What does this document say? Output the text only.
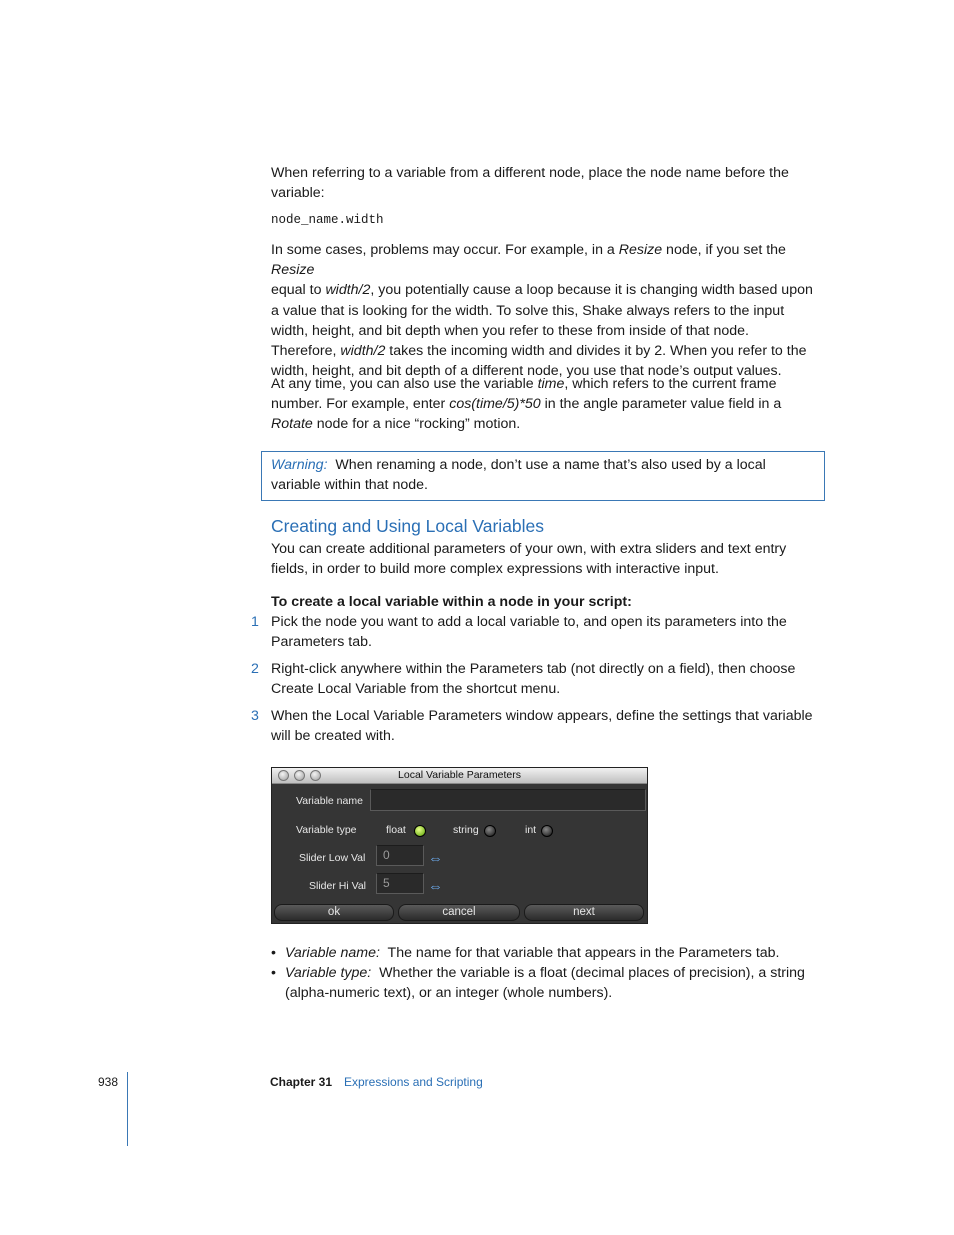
When referring to a variable from a different node, place the node name before the
variable:

node_name.width

In some cases, problems may occur. For example, in a Resize node, if you set the Resize
equal to width/2, you potentially cause a loop because it is changing width based upon
a value that is looking for the width. To solve this, Shake always refers to the input
width, height, and bit depth when you refer to these from inside of that node.
Therefore, width/2 takes the incoming width and divides it by 2. When you refer to the
width, height, and bit depth of a different node, you use that node’s output values.

At any time, you can also use the variable time, which refers to the current frame
number. For example, enter cos(time/5)*50 in the angle parameter value field in a
Rotate node for a nice “rocking” motion.

Warning: When renaming a node, don’t use a name that’s also used by a local
variable within that node.
Creating and Using Local Variables

You can create additional parameters of your own, with extra sliders and text entry
fields, in order to build more complex expressions with interactive input.

To create a local variable within a node in your script:
1 Pick the node you want to add a local variable to, and open its parameters into the
Parameters tab.

2 Right-click anywhere within the Parameters tab (not directly on a field), then choose
Create Local Variable from the shortcut menu.

3 When the Local Variable Parameters window appears, define the settings that variable
will be created with.

Local Variable Parameters
Variable name
Variable type	float	string	int
Slider Low Val	0	⇔
Slider Hi Val	5	⇔
ok	cancel	next
• Variable name: The name for that variable that appears in the Parameters tab.
• Variable type: Whether the variable is a float (decimal places of precision), a string
(alpha-numeric text), or an integer (whole numbers).
938	Chapter 31 Expressions and Scripting
